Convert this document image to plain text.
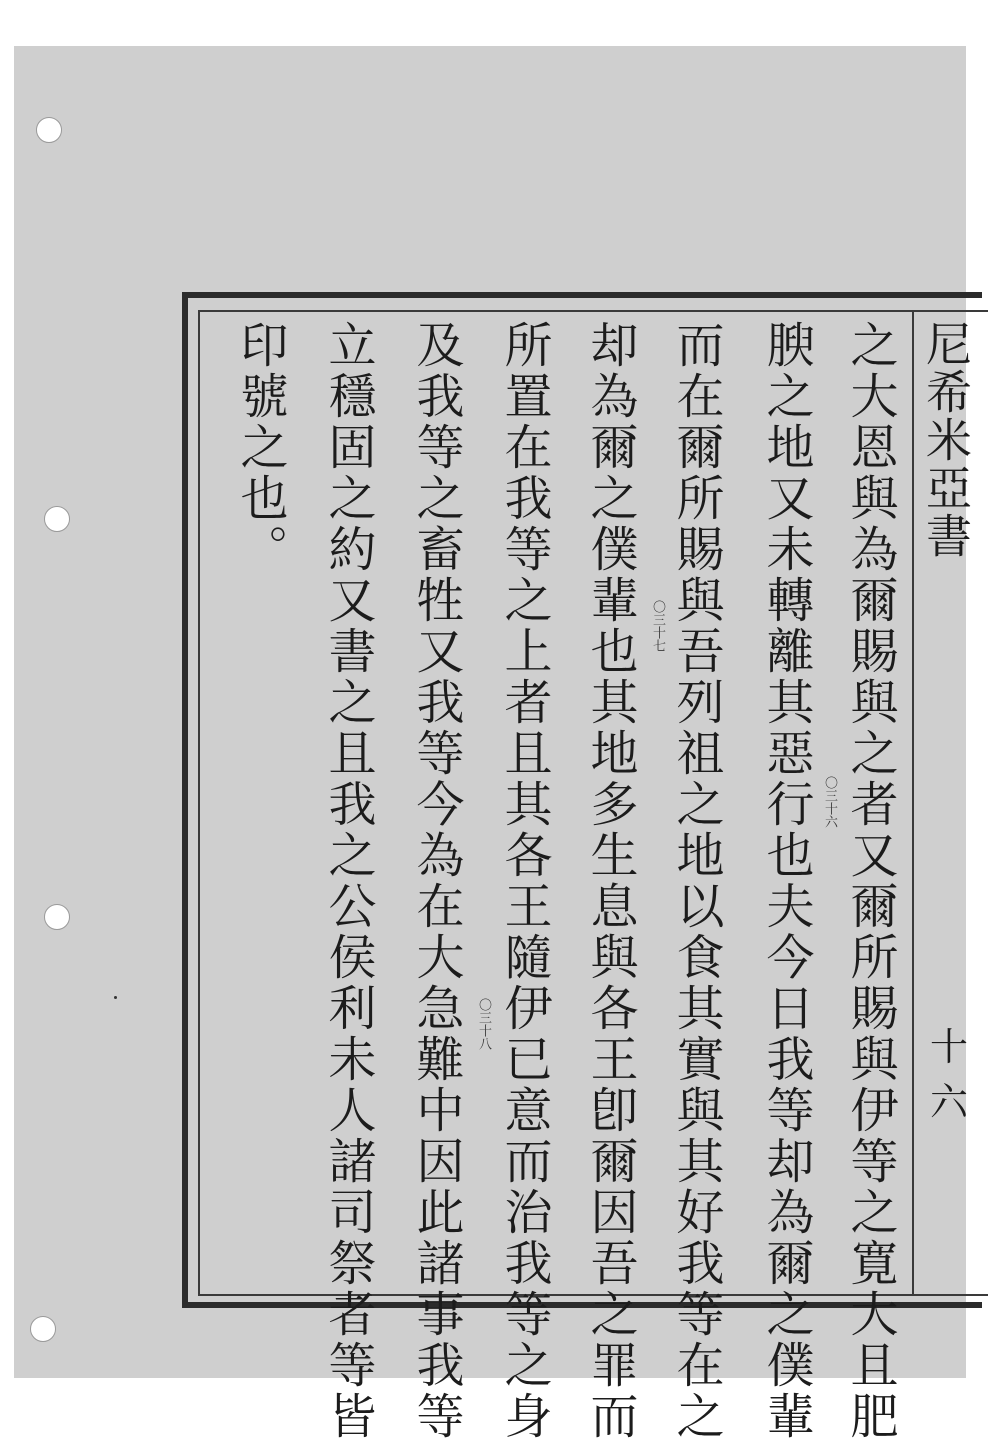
尼希米亞書
十六
之大恩與為爾賜與之者又爾所賜與伊等之寛大且肥
腴之地又未轉離其惡行也夫今日我等却為爾之僕輩
而在爾所賜與吾列祖之地以食其實與其好我等在之
却為爾之僕輩也其地多生息與各王卽爾因吾之罪而
所置在我等之上者且其各王隨伊已意而治我等之身
及我等之畜牲又我等今為在大急難中因此諸事我等
立穩固之約又書之且我之公侯利未人諸司祭者等皆
印號之也。
〇三十六
〇三十七
〇三十八
